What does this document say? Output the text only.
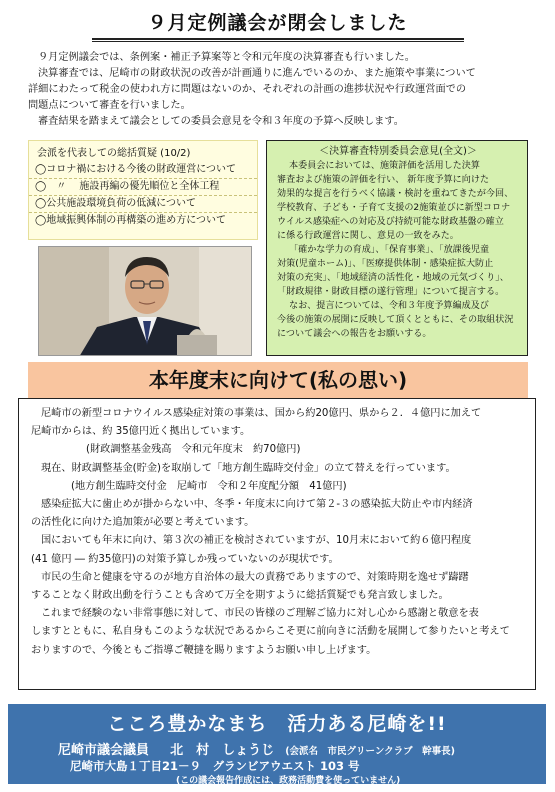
９月定例議会が閉会しました

９月定例議会では、条例案・補正予算案等と令和元年度の決算審査も行いました。

決算審査では、尼崎市の財政状況の改善が計画通りに進んでいるのか、また施策や事業について

詳細にわたって税金の使われ方に問題はないのか、それぞれの計画の進捗状況や行政運営面での

問題点について審査を行いました。

審査結果を踏まえて議会としての委員会意見を令和３年度の予算へ反映します。

会派を代表しての総括質疑 (10/2)
◯コロナ禍における今後の財政運営について
◯　〃　 施設再編の優先順位と全体工程
◯公共施設環境負荷の低減について
◯地域振興体制の再構築の進め方について
＜決算審査特別委員会意見(全文)＞
本委員会においては、施策評価を活用した決算
審査および施策の評価を行い、 新年度予算に向けた
効果的な提言を行うべく協議・検討を重ねてきたが今回、
学校教育、子ども・子育て支援の2施策並びに新型コロナ
ウイルス感染症への対応及び持続可能な財政基盤の確立
に係る行政運営に関し、意見の一致をみた。
「確かな学力の育成」、「保育事業」、「放課後児童
対策(児童ホーム)」、「医療提供体制・感染症拡大防止
対策の充実」、「地域経済の活性化・地域の元気づくり」、
「財政規律・財政目標の遂行管理」について提言する。
なお、提言については、令和３年度予算編成及び
今後の施策の展開に反映して頂くとともに、その取組状況
について議会への報告をお願いする。
本年度末に向けて(私の思い)

尼崎市の新型コロナウイルス感染症対策の事業は、国から約20億円、県から２．４億円に加えて

尼崎市からは、約 35億円近く拠出しています。

(財政調整基金残高　令和元年度末　約70億円)

現在、財政調整基金(貯金)を取崩して「地方創生臨時交付金」の立て替えを行っています。

(地方創生臨時交付金　尼崎市　令和２年度配分額　41億円)

感染症拡大に歯止めが掛からない中、冬季・年度末に向けて第２-３の感染拡大防止や市内経済

の活性化に向けた追加策が必要と考えています。

国においても年末に向け、第３次の補正を検討されていますが、10月末において約６億円程度

(41 億円 ― 約35億円)の対策予算しか残っていないのが現状です。

市民の生命と健康を守るのが地方自治体の最大の責務でありますので、対策時期を逸せず躊躇

することなく財政出動を行うことも含めて万全を期すように総括質疑でも発言致しました。

これまで経験のない非常事態に対して、市民の皆様のご理解ご協力に対し心から感謝と敬意を表

しますとともに、私自身もこのような状況であるからこそ更に前向きに活動を展開して参りたいと考えて

おりますので、今後ともご指導ご鞭撻を賜りますようお願い申し上げます。

こころ豊かなまち　活力ある尼崎を!!
尼崎市議会議員 北　村　しょうじ (会派名　市民グリーンクラブ　幹事長)
尼崎市大島１丁目21－９　グランビアウエスト 103 号
(この議会報告作成には、政務活動費を使っていません)
